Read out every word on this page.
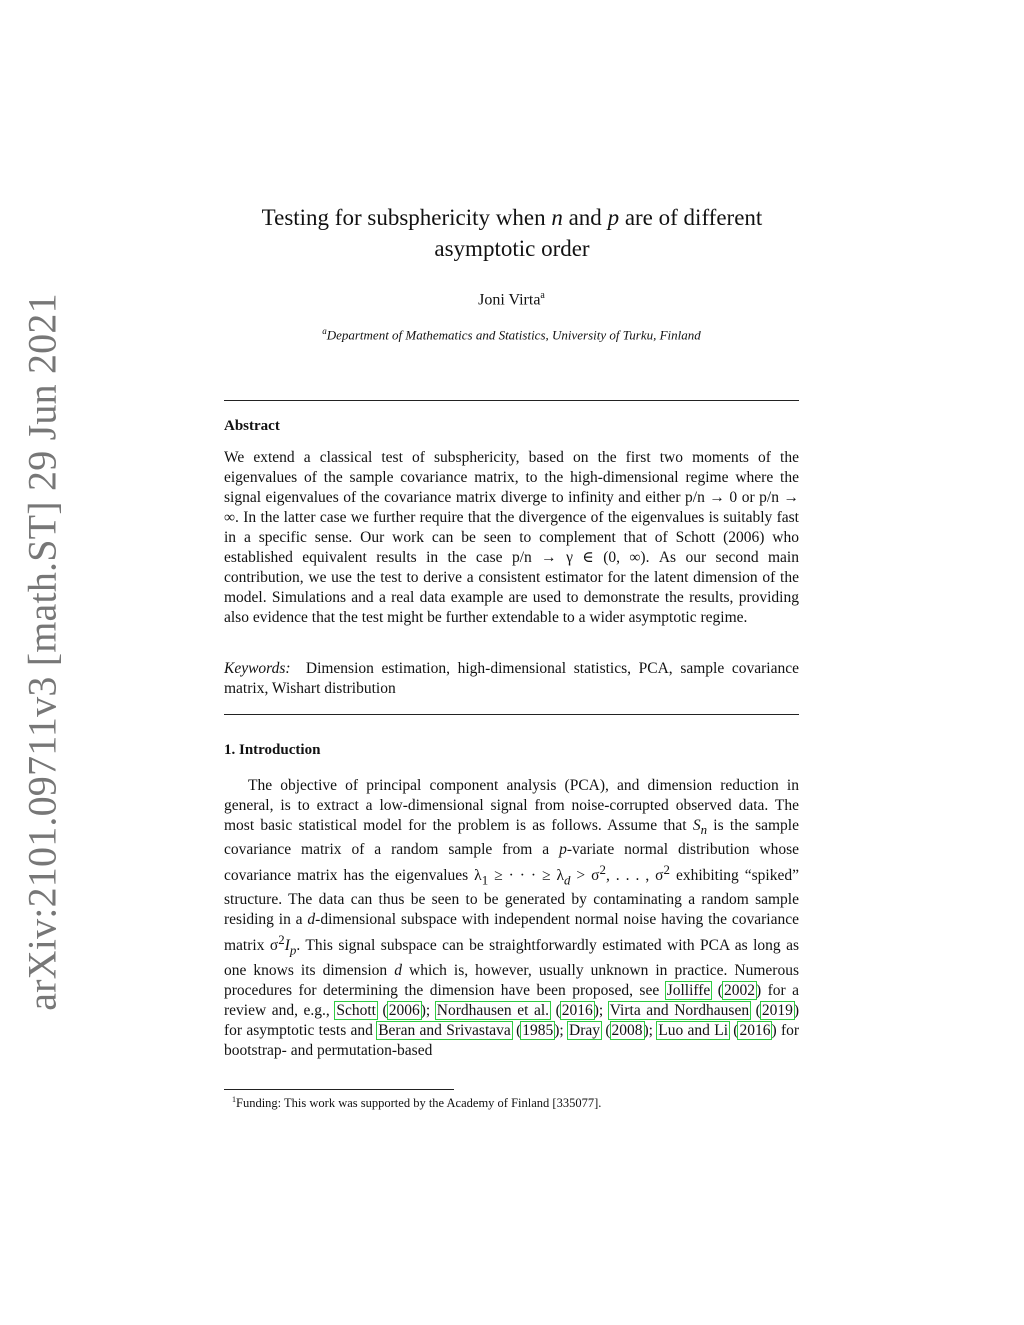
arXiv:2101.09711v3 [math.ST] 29 Jun 2021
Testing for subsphericity when n and p are of different
asymptotic order
Joni Virta$^a$
$^a$Department of Mathematics and Statistics, University of Turku, Finland
Abstract
We extend a classical test of subsphericity, based on the first two moments of the eigenvalues of the sample covariance matrix, to the high-dimensional regime where the signal eigenvalues of the covariance matrix diverge to infinity and either p/n → 0 or p/n → ∞. In the latter case we further require that the divergence of the eigenvalues is suitably fast in a specific sense. Our work can be seen to complement that of Schott (2006) who established equivalent results in the case p/n → γ ∈ (0, ∞). As our second main contribution, we use the test to derive a consistent estimator for the latent dimension of the model. Simulations and a real data example are used to demonstrate the results, providing also evidence that the test might be further extendable to a wider asymptotic regime.
Keywords: Dimension estimation, high-dimensional statistics, PCA, sample covariance matrix, Wishart distribution
1. Introduction
The objective of principal component analysis (PCA), and dimension reduction in general, is to extract a low-dimensional signal from noise-corrupted observed data. The most basic statistical model for the problem is as follows. Assume that $S_n$ is the sample covariance matrix of a random sample from a p-variate normal distribution whose covariance matrix has the eigenvalues $\lambda_1$ ≥ · · · ≥ $\lambda_d > \sigma^2$, . . . , $\sigma^2$ exhibiting “spiked” structure. The data can thus be seen to be generated by contaminating a random sample residing in a d-dimensional subspace with independent normal noise having the covariance matrix $\sigma^2I_p$. This signal subspace can be straightforwardly estimated with PCA as long as one knows its dimension d which is, however, usually unknown in practice. Numerous procedures for determining the dimension have been proposed, see Jolliffe (2002) for a review and, e.g., Schott (2006); Nordhausen et al. (2016); Virta and Nordhausen (2019) for asymptotic tests and Beran and Srivastava (1985); Dray (2008); Luo and Li (2016) for bootstrap- and permutation-based
$^1$Funding: This work was supported by the Academy of Finland [335077].
